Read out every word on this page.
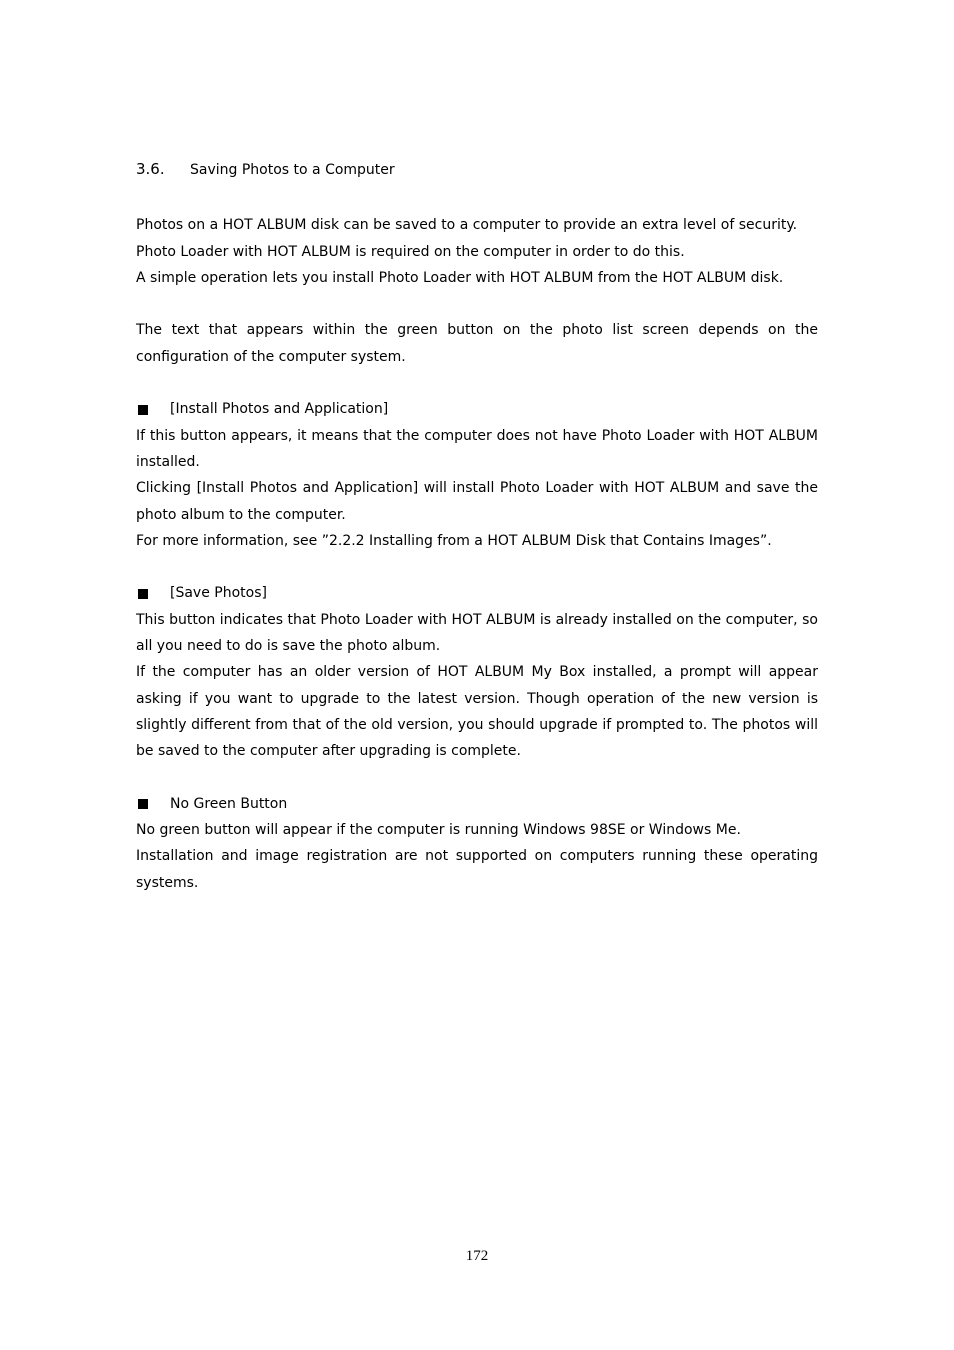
3.6.	Saving Photos to a Computer

Photos on a HOT ALBUM disk can be saved to a computer to provide an extra level of security.

Photo Loader with HOT ALBUM is required on the computer in order to do this.

A simple operation lets you install Photo Loader with HOT ALBUM from the HOT ALBUM disk.

The text that appears within the green button on the photo list screen depends on the configuration of the computer system.

[Install Photos and Application]

If this button appears, it means that the computer does not have Photo Loader with HOT ALBUM installed.

Clicking [Install Photos and Application] will install Photo Loader with HOT ALBUM and save the photo album to the computer.

For more information, see ”2.2.2 Installing from a HOT ALBUM Disk that Contains Images”.

[Save Photos]

This button indicates that Photo Loader with HOT ALBUM is already installed on the computer, so all you need to do is save the photo album.

If the computer has an older version of HOT ALBUM My Box installed, a prompt will appear asking if you want to upgrade to the latest version. Though operation of the new version is slightly different from that of the old version, you should upgrade if prompted to. The photos will be saved to the computer after upgrading is complete.

No Green Button

No green button will appear if the computer is running Windows 98SE or Windows Me.

Installation and image registration are not supported on computers running these operating systems.

172
